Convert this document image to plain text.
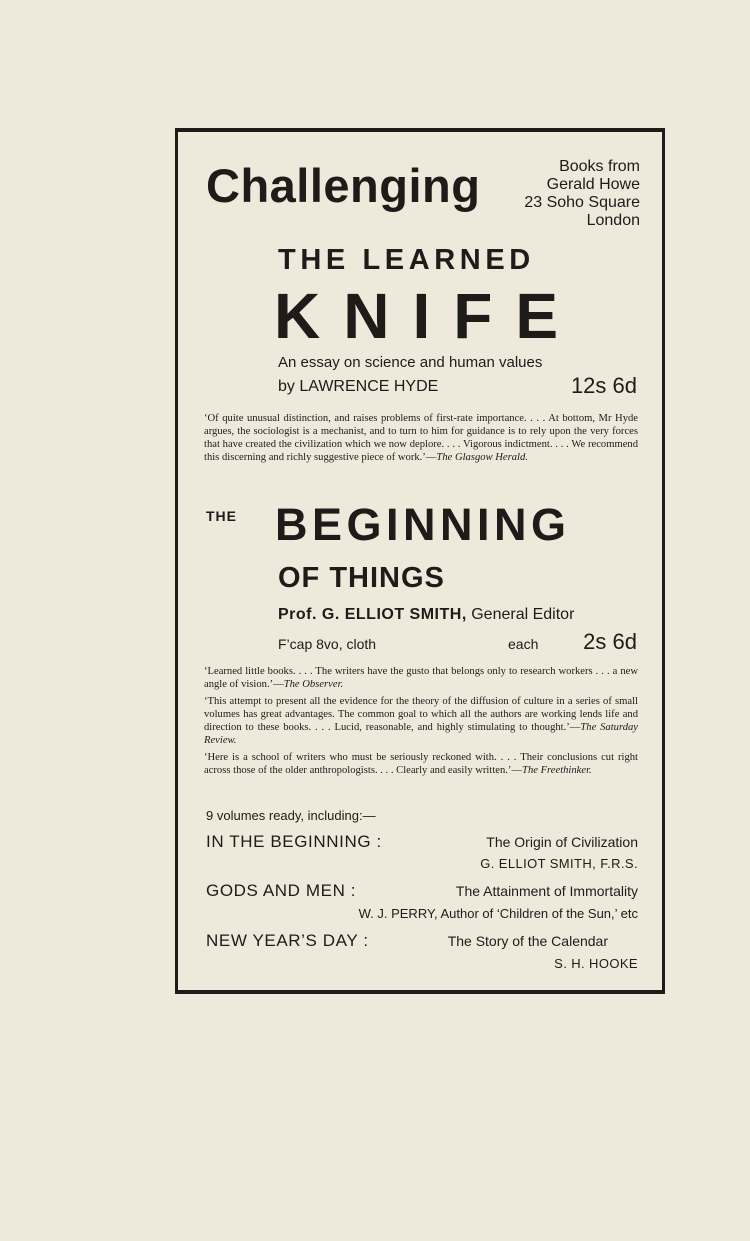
Challenging	Books from
Gerald Howe
23 Soho Square
London
THE LEARNED
KNIFE
An essay on science and human values
by LAWRENCE HYDE	12s 6d
‘Of quite unusual distinction, and raises problems of first-rate importance. . . . At bottom, Mr Hyde argues, the sociologist is a mechanist, and to turn to him for guidance is to rely upon the very forces that have created the civilization which we now deplore. . . . Vigorous indictment. . . . We recommend this discerning and richly suggestive piece of work.’—The Glasgow Herald.
THE BEGINNING
OF THINGS
Prof. G. ELLIOT SMITH, General Editor
F’cap 8vo, cloth	each 2s 6d
‘Learned little books. . . . The writers have the gusto that belongs only to research workers . . . a new angle of vision.’—The Observer.
‘This attempt to present all the evidence for the theory of the diffusion of culture in a series of small volumes has great advantages. The common goal to which all the authors are working lends life and direction to these books. . . . Lucid, reasonable, and highly stimulating to thought.’—The Saturday Review.
‘Here is a school of writers who must be seriously reckoned with. . . . Their conclusions cut right across those of the older anthropologists. . . . Clearly and easily written.’—The Freethinker.
9 volumes ready, including:—
IN THE BEGINNING :	The Origin of Civilization
G. ELLIOT SMITH, F.R.S.
GODS AND MEN :	The Attainment of Immortality
W. J. PERRY, Author of ‘Children of the Sun,’ etc
NEW YEAR’S DAY :	The Story of the Calendar
S. H. HOOKE
